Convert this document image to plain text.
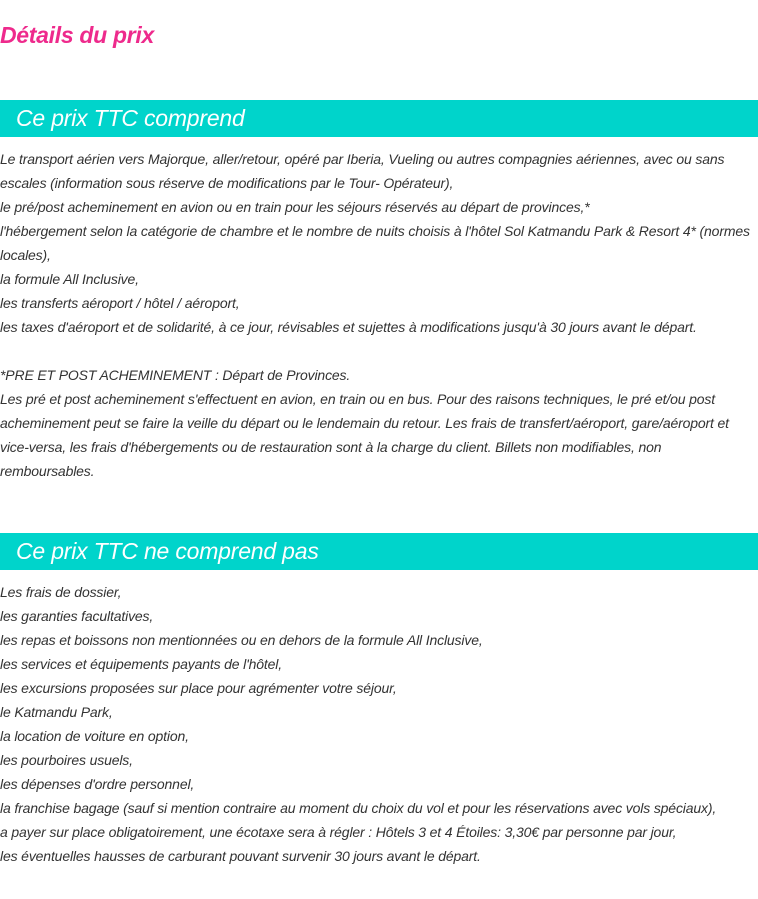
Détails du prix
Ce prix TTC comprend
Le transport aérien vers Majorque, aller/retour, opéré par Iberia, Vueling ou autres compagnies aériennes, avec ou sans escales (information sous réserve de modifications par le Tour- Opérateur),
le pré/post acheminement en avion ou en train pour les séjours réservés au départ de provinces,*
l'hébergement selon la catégorie de chambre et le nombre de nuits choisis à l'hôtel Sol Katmandu Park & Resort 4* (normes locales),
la formule All Inclusive,
les transferts aéroport / hôtel / aéroport,
les taxes d'aéroport et de solidarité, à ce jour, révisables et sujettes à modifications jusqu'à 30 jours avant le départ.
*PRE ET POST ACHEMINEMENT : Départ de Provinces.
Les pré et post acheminement s'effectuent en avion, en train ou en bus. Pour des raisons techniques, le pré et/ou post acheminement peut se faire la veille du départ ou le lendemain du retour. Les frais de transfert/aéroport, gare/aéroport et vice-versa, les frais d'hébergements ou de restauration sont à la charge du client. Billets non modifiables, non remboursables.
Ce prix TTC ne comprend pas
Les frais de dossier,
les garanties facultatives,
les repas et boissons non mentionnées ou en dehors de la formule All Inclusive,
les services et équipements payants de l'hôtel,
les excursions proposées sur place pour agrémenter votre séjour,
le Katmandu Park,
la location de voiture en option,
les pourboires usuels,
les dépenses d'ordre personnel,
la franchise bagage (sauf si mention contraire au moment du choix du vol et pour les réservations avec vols spéciaux),
a payer sur place obligatoirement, une écotaxe sera à régler : Hôtels 3 et 4 Étoiles: 3,30€ par personne par jour,
les éventuelles hausses de carburant pouvant survenir 30 jours avant le départ.
